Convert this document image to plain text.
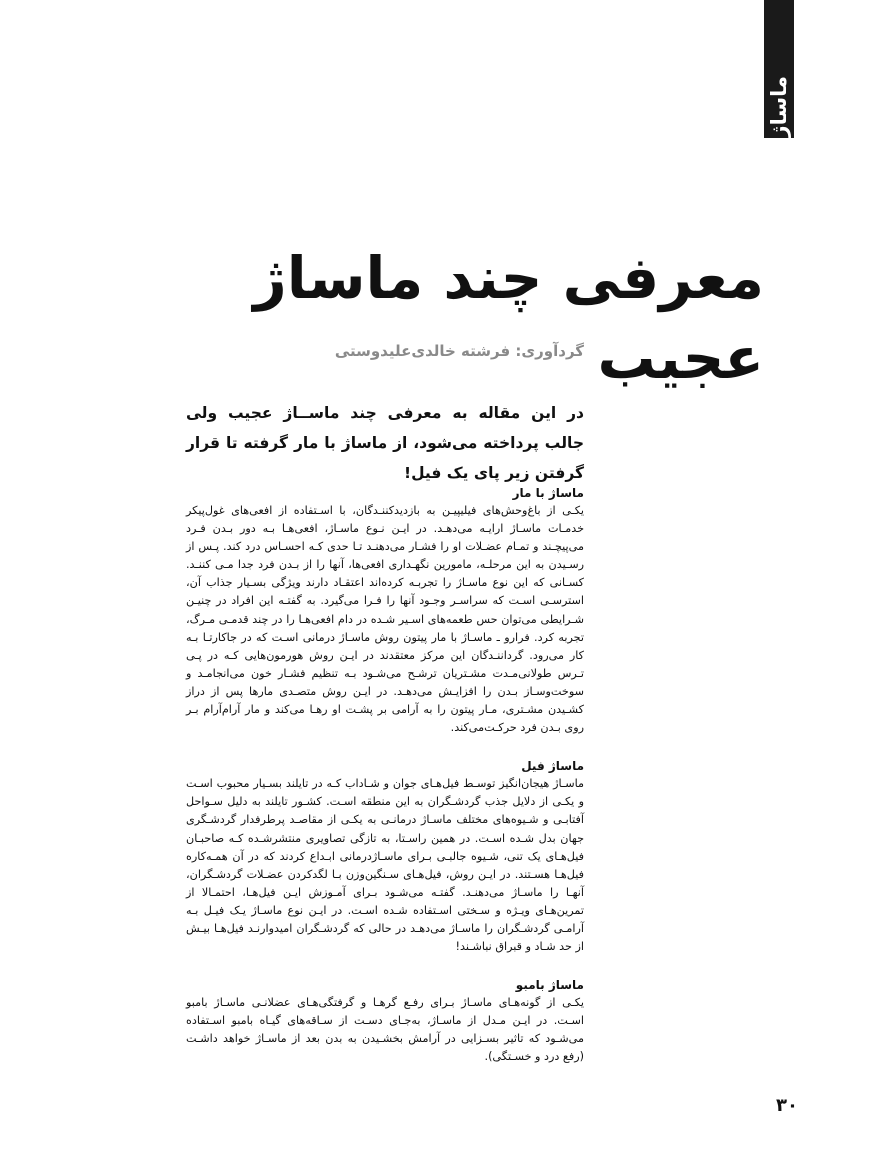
ماساژ
معرفی چند ماساژ عجیب
گردآوری: فرشته خالدی‌علیدوستی

در این مقاله به معرفی چند ماســاژ عجیب ولی جالب پرداخته می‌شود، از ماساژ با مار گرفته تا قرار گرفتن زیر پای یک فیل!

ماساژ با مار

یکـی از باغ‌وحش‌های فیلیپیـن به بازدیدکننـدگان، با اسـتفاده از افعی‌های غول‌پیکر خدمـات ماسـاژ ارایـه می‌دهـد. در ایـن نـوع ماسـاژ، افعی‌هـا بـه دور بـدن فـرد می‌پیچـند و تمـام عضـلات او را فشـار می‌دهنـد تـا حدی کـه احسـاس درد کند. پـس از رسـیدن به این مرحلـه، مامورین نگهـداری افعی‌ها، آنها را از بـدن فرد جدا مـی کننـد. کسـانی که این نوع ماسـاژ را تجربـه کرده‌اند اعتقـاد دارند ویژگی بسـیار جذاب آن، استرسـی اسـت که سراسـر وجـود آنها را فـرا می‌گیرد. به گفتـه این افراد در چنیـن شـرایطی می‌توان حس طعمه‌های اسـیر شـده در دام افعی‌هـا را در چند قدمـی مـرگ، تجربه کرد. فرارو ـ ماسـاژ با مار پیتون روش ماسـاژ درمانی اسـت که در جاکارتـا بـه کار می‌رود. گرداننـدگان این مرکز معتقدند در ایـن روش هورمون‌هایی کـه در پـی تـرس طولانی‌مـدت مشـتریان ترشـح می‌شـود بـه تنظیم فشـار خون می‌انجامـد و سوخت‌وسـاز بـدن را افزایـش می‌دهـد. در ایـن روش متصـدی مارها پس از دراز کشـیدن مشـتری، مـار پیتون را به آرامی بر پشـت او رهـا می‌کند و مار آرام‌آرام بـر روی بـدن فرد حرکـت‌می‌کند.

ماساژ فیل

ماسـاژ هیجان‌انگیز توسـط فیل‌هـای جوان و شـاداب کـه در تایلند بسـیار محبوب اسـت و یکـی از دلایل جذب گردشـگران به این منطقه اسـت. کشـور تایلند به دلیل سـواحل آفتابـی و شـیوه‌های مختلف ماسـاژ درمانـی به یکـی از مقاصـد پرطرفدار گردشـگری جهان بدل شـده اسـت. در همین راسـتا، به تازگی تصاویری منتشرشـده کـه صاحبـان فیل‌هـای یک تنی، شـیوه جالبـی بـرای ماسـاژدرمانی ابـداع کردند که در آن همـه‌کاره فیل‌هـا هسـتند. در ایـن روش، فیل‌هـای سـنگین‌وزن بـا لگدکردن عضـلات گردشـگران، آنهـا را ماسـاژ می‌دهنـد. گفتـه می‌شـود بـرای آمـوزش ایـن فیل‌هـا، احتمـالا از تمرین‌هـای ویـژه و سـختی اسـتفاده شـده اسـت. در ایـن نوع ماسـاژ یـک فیـل بـه آرامـی گردشـگران را ماسـاژ می‌دهـد در حالی که گردشـگران امیدوارنـد فیل‌هـا بیـش از حد شـاد و قبراق نباشـند!

ماساژ بامبو

یکـی از گونه‌هـای ماسـاژ بـرای رفـع گرهـا و گرفتگی‌هـای عضلانـی ماسـاژ بامبو اسـت. در ایـن مـدل از ماسـاژ، به‌جـای دسـت از سـاقه‌های گیـاه بامبو اسـتفاده می‌شـود که تاثیر بسـزایی در آرامش بخشـیدن به بدن بعد از ماسـاژ خواهد داشـت (رفع درد و خسـتگی).

۳۰
